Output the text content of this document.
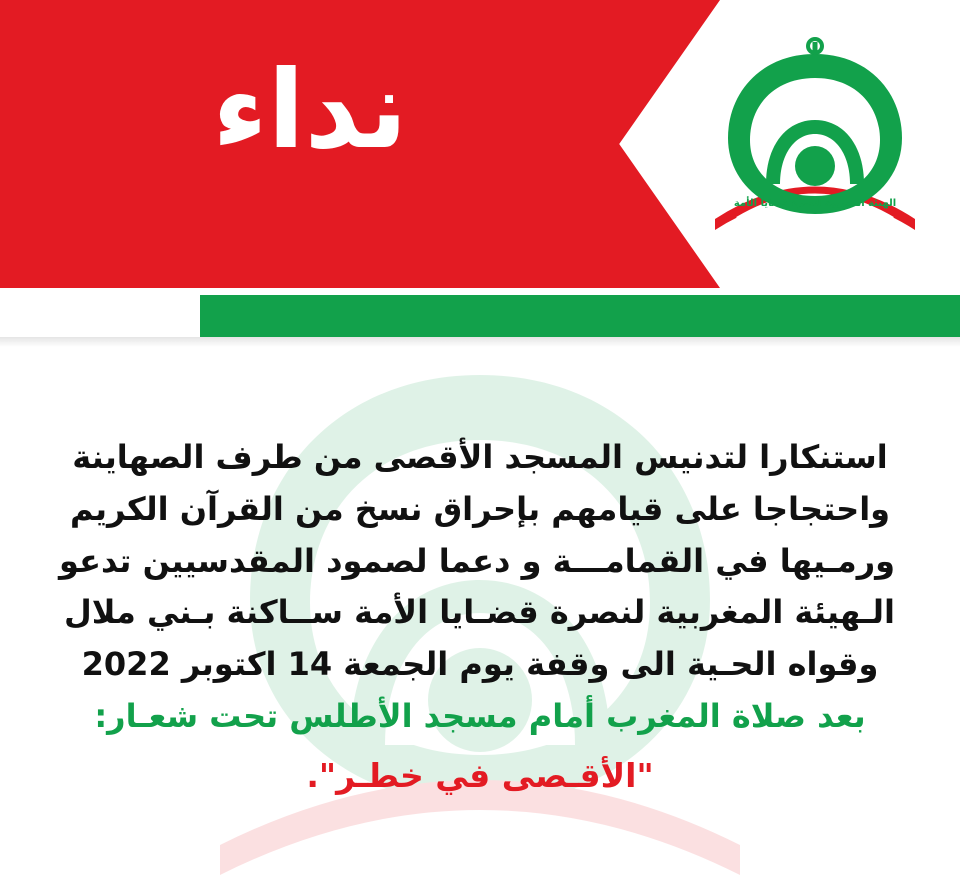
نداء
الهيئة المغربية لنصرة قضايا الأمة
استنكارا لتدنيس المسجد الأقصى من طرف الصهاينة
واحتجاجا على قيامهم بإحراق نسخ من القرآن الكريم
ورمـيها في القمامـــة و دعما لصمود المقدسيين تدعو
الـهيئة المغربية لنصرة قضـايا الأمة ســاكنة بـني ملال
وقواه الحـية الى وقفة يوم الجمعة 14 اكتوبر 2022
بعد صلاة المغرب أمام مسجد الأطلس تحت شعـار:
"الأقـصى في خطـر".
